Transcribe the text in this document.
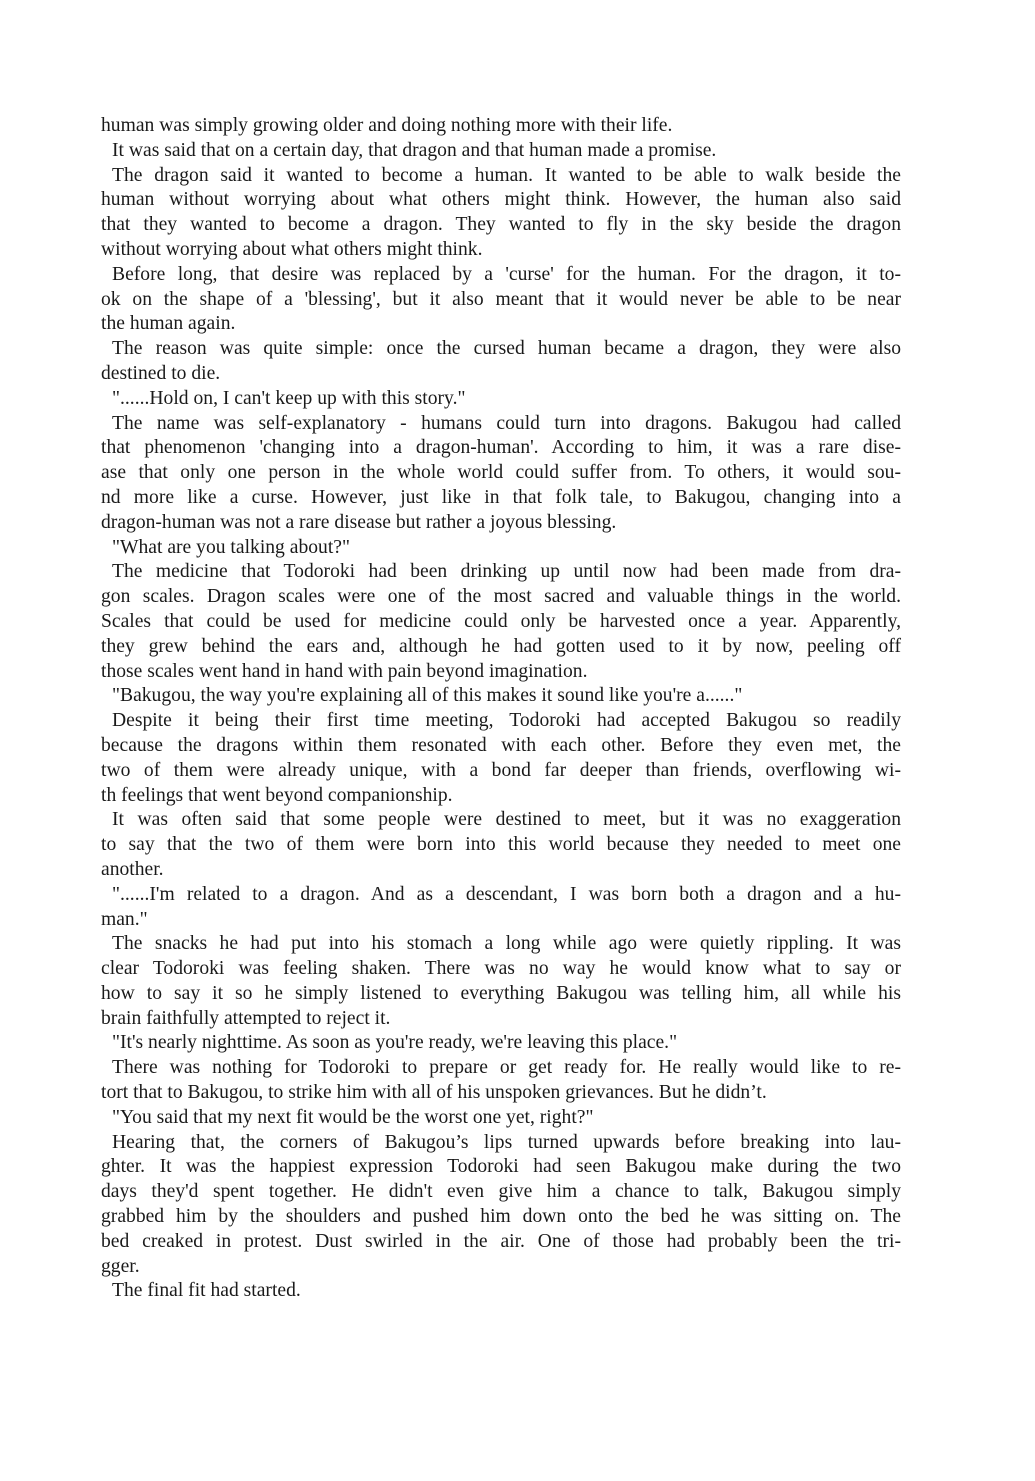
human was simply growing older and doing nothing more with their life.
It was said that on a certain day, that dragon and that human made a promise.
The dragon said it wanted to become a human. It wanted to be able to walk beside the
human without worrying about what others might think. However, the human also said
that they wanted to become a dragon. They wanted to fly in the sky beside the dragon
without worrying about what others might think.
Before long, that desire was replaced by a 'curse' for the human. For the dragon, it to-
ok on the shape of a 'blessing', but it also meant that it would never be able to be near
the human again.
The reason was quite simple: once the cursed human became a dragon, they were also
destined to die.
"......Hold on, I can't keep up with this story."
The name was self-explanatory - humans could turn into dragons. Bakugou had called
that phenomenon 'changing into a dragon-human'. According to him, it was a rare dise-
ase that only one person in the whole world could suffer from. To others, it would sou-
nd more like a curse. However, just like in that folk tale, to Bakugou, changing into a
dragon-human was not a rare disease but rather a joyous blessing.
"What are you talking about?"
The medicine that Todoroki had been drinking up until now had been made from dra-
gon scales. Dragon scales were one of the most sacred and valuable things in the world.
Scales that could be used for medicine could only be harvested once a year. Apparently,
they grew behind the ears and, although he had gotten used to it by now, peeling off
those scales went hand in hand with pain beyond imagination.
"Bakugou, the way you're explaining all of this makes it sound like you're a......"
Despite it being their first time meeting, Todoroki had accepted Bakugou so readily
because the dragons within them resonated with each other. Before they even met, the
two of them were already unique, with a bond far deeper than friends, overflowing wi-
th feelings that went beyond companionship.
It was often said that some people were destined to meet, but it was no exaggeration
to say that the two of them were born into this world because they needed to meet one
another.
"......I'm related to a dragon. And as a descendant, I was born both a dragon and a hu-
man."
The snacks he had put into his stomach a long while ago were quietly rippling. It was
clear Todoroki was feeling shaken. There was no way he would know what to say or
how to say it so he simply listened to everything Bakugou was telling him, all while his
brain faithfully attempted to reject it.
"It's nearly nighttime. As soon as you're ready, we're leaving this place."
There was nothing for Todoroki to prepare or get ready for. He really would like to re-
tort that to Bakugou, to strike him with all of his unspoken grievances. But he didn’t.
"You said that my next fit would be the worst one yet, right?"
Hearing that, the corners of Bakugou’s lips turned upwards before breaking into lau-
ghter. It was the happiest expression Todoroki had seen Bakugou make during the two
days they'd spent together. He didn't even give him a chance to talk, Bakugou simply
grabbed him by the shoulders and pushed him down onto the bed he was sitting on. The
bed creaked in protest. Dust swirled in the air. One of those had probably been the tri-
gger.
The final fit had started.
